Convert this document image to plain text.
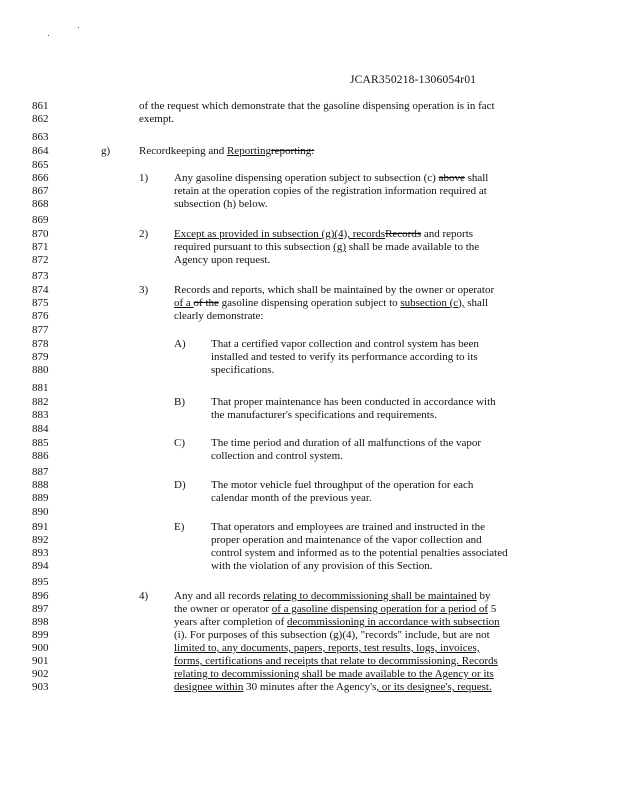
JCAR350218-1306054r01
861
862
863
864
865
866
867
868
869
870
871
872
873
874
875
876
877
878
879
880
881
882
883
884
885
886
887
888
889
890
891
892
893
894
895
896
897
898
899
900
901
902
903
of the request which demonstrate that the gasoline dispensing operation is in fact
exempt.
g)	Recordkeeping and Reportingreporting:
1) Any gasoline dispensing operation subject to subsection (c) above shall
retain at the operation copies of the registration information required at
subsection (h) below.
2) Except as provided in subsection (g)(4), recordsRecords and reports
required pursuant to this subsection (g) shall be made available to the
Agency upon request.
3) Records and reports, which shall be maintained by the owner or operator
of a of the gasoline dispensing operation subject to subsection (c), shall
clearly demonstrate:
A) That a certified vapor collection and control system has been
installed and tested to verify its performance according to its
specifications.
B) That proper maintenance has been conducted in accordance with
the manufacturer's specifications and requirements.
C) The time period and duration of all malfunctions of the vapor
collection and control system.
D) The motor vehicle fuel throughput of the operation for each
calendar month of the previous year.
E) That operators and employees are trained and instructed in the
proper operation and maintenance of the vapor collection and
control system and informed as to the potential penalties associated
with the violation of any provision of this Section.
4) Any and all records relating to decommissioning shall be maintained by
the owner or operator of a gasoline dispensing operation for a period of 5
years after completion of decommissioning in accordance with subsection
(i). For purposes of this subsection (g)(4), "records" include, but are not
limited to, any documents, papers, reports, test results, logs, invoices,
forms, certifications and receipts that relate to decommissioning. Records
relating to decommissioning shall be made available to the Agency or its
designee within 30 minutes after the Agency's, or its designee's, request.
